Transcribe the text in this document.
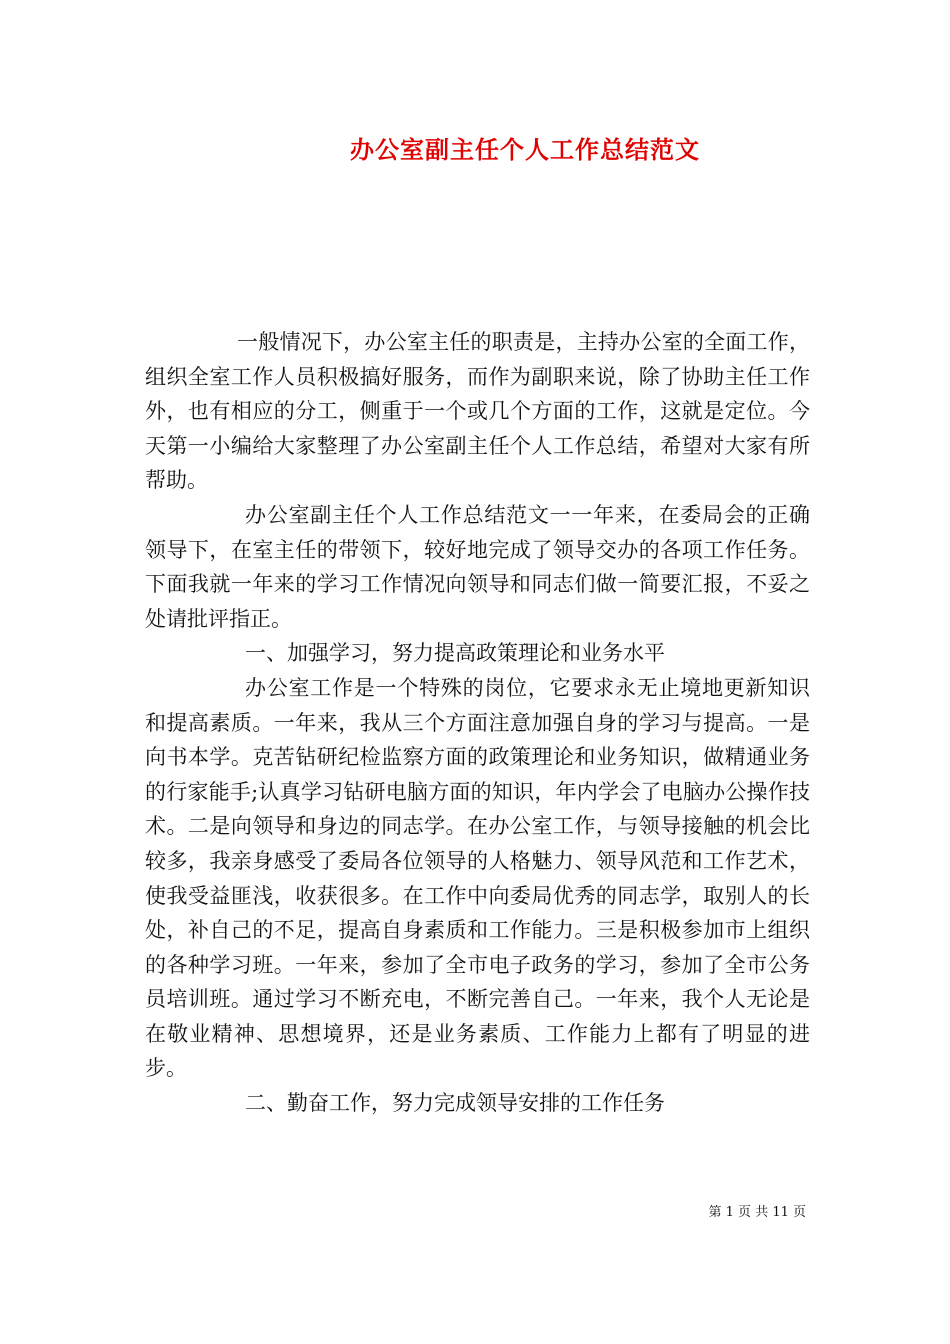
办公室副主任个人工作总结范文

一般情况下，办公室主任的职责是，主持办公室的全面工作，组织全室工作人员积极搞好服务，而作为副职来说，除了协助主任工作外，也有相应的分工，侧重于一个或几个方面的工作，这就是定位。今天第一小编给大家整理了办公室副主任个人工作总结，希望对大家有所帮助。

办公室副主任个人工作总结范文一一年来，在委局会的正确领导下，在室主任的带领下，较好地完成了领导交办的各项工作任务。下面我就一年来的学习工作情况向领导和同志们做一简要汇报，不妥之处请批评指正。

一、加强学习，努力提高政策理论和业务水平

办公室工作是一个特殊的岗位，它要求永无止境地更新知识和提高素质。一年来，我从三个方面注意加强自身的学习与提高。一是向书本学。克苦钻研纪检监察方面的政策理论和业务知识，做精通业务的行家能手;认真学习钻研电脑方面的知识，年内学会了电脑办公操作技术。二是向领导和身边的同志学。在办公室工作，与领导接触的机会比较多，我亲身感受了委局各位领导的人格魅力、领导风范和工作艺术，使我受益匪浅，收获很多。在工作中向委局优秀的同志学，取别人的长处，补自己的不足，提高自身素质和工作能力。三是积极参加市上组织的各种学习班。一年来，参加了全市电子政务的学习，参加了全市公务员培训班。通过学习不断充电，不断完善自己。一年来，我个人无论是在敬业精神、思想境界，还是业务素质、工作能力上都有了明显的进步。

二、勤奋工作，努力完成领导安排的工作任务

第 1 页 共 11 页
